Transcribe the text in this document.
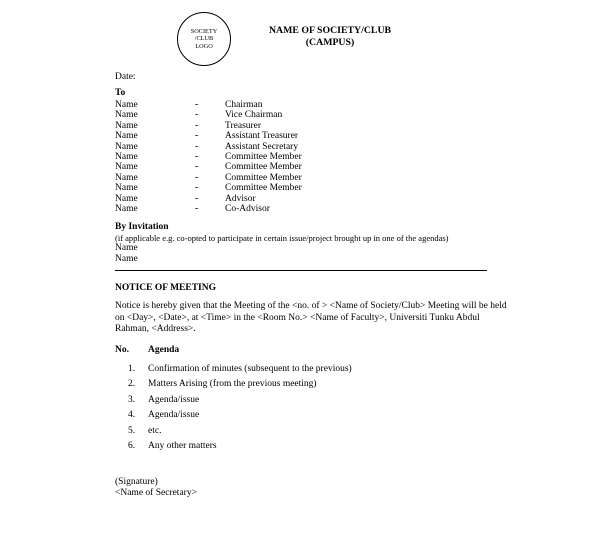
SOCIETY
/CLUB
LOGO
NAME OF SOCIETY/CLUB
(CAMPUS)
Date:
To
Name	-	Chairman
Name	-	Vice Chairman
Name	-	Treasurer
Name	-	Assistant Treasurer
Name	-	Assistant Secretary
Name	-	Committee Member
Name	-	Committee Member
Name	-	Committee Member
Name	-	Committee Member
Name	-	Advisor
Name	-	Co-Advisor
By Invitation
(if applicable e.g. co-opted to participate in certain issue/project brought up in one of the agendas)
Name
Name
NOTICE OF MEETING
Notice is hereby given that the Meeting of the <no. of > <Name of Society/Club> Meeting will be held on <Day>, <Date>, at <Time> in the <Room No.> <Name of Faculty>, Universiti Tunku Abdul Rahman, <Address>.
No.	Agenda
1.	Confirmation of minutes (subsequent to the previous)
2.	Matters Arising (from the previous meeting)
3.	Agenda/issue
4.	Agenda/issue
5.	etc.
6.	Any other matters
(Signature)
<Name of Secretary>
